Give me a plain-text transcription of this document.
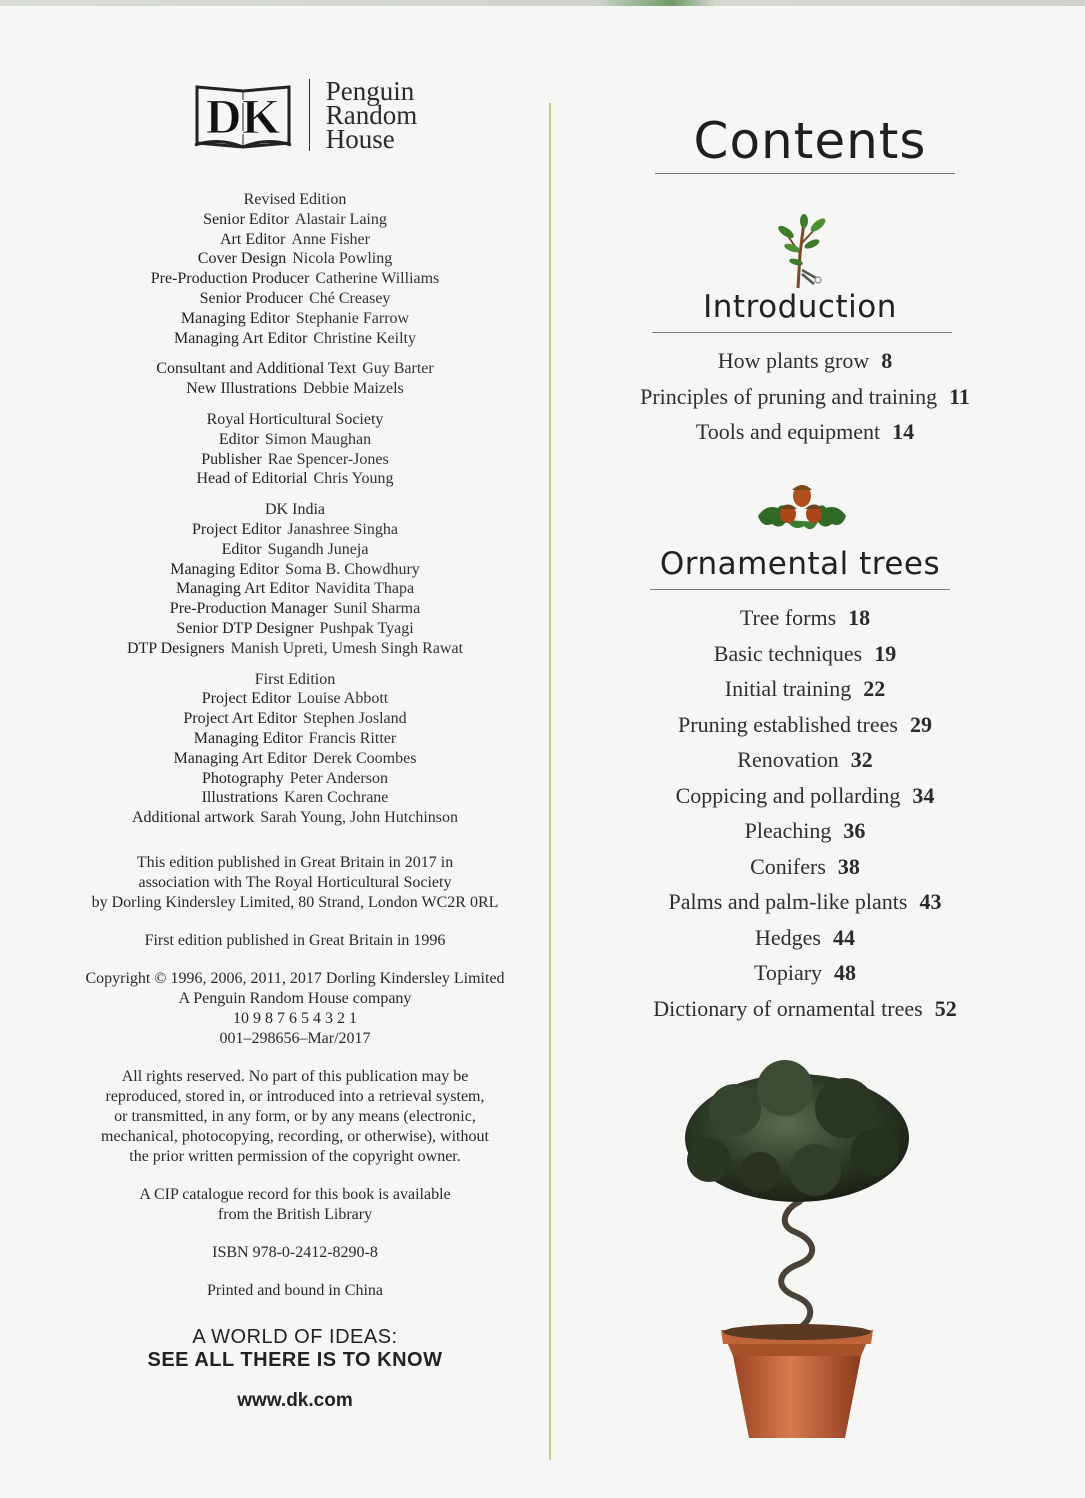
DK Penguin
Random
House
Revised Edition
Senior Editor Alastair Laing
Art Editor Anne Fisher
Cover Design Nicola Powling
Pre-Production Producer Catherine Williams
Senior Producer Ché Creasey
Managing Editor Stephanie Farrow
Managing Art Editor Christine Keilty
Consultant and Additional Text Guy Barter
New Illustrations Debbie Maizels
Royal Horticultural Society
Editor Simon Maughan
Publisher Rae Spencer-Jones
Head of Editorial Chris Young
DK India
Project Editor Janashree Singha
Editor Sugandh Juneja
Managing Editor Soma B. Chowdhury
Managing Art Editor Navidita Thapa
Pre-Production Manager Sunil Sharma
Senior DTP Designer Pushpak Tyagi
DTP Designers Manish Upreti, Umesh Singh Rawat
First Edition
Project Editor Louise Abbott
Project Art Editor Stephen Josland
Managing Editor Francis Ritter
Managing Art Editor Derek Coombes
Photography Peter Anderson
Illustrations Karen Cochrane
Additional artwork Sarah Young, John Hutchinson
This edition published in Great Britain in 2017 in
association with The Royal Horticultural Society
by Dorling Kindersley Limited, 80 Strand, London WC2R 0RL
First edition published in Great Britain in 1996
Copyright © 1996, 2006, 2011, 2017 Dorling Kindersley Limited
A Penguin Random House company
10 9 8 7 6 5 4 3 2 1
001–298656–Mar/2017
All rights reserved. No part of this publication may be
reproduced, stored in, or introduced into a retrieval system,
or transmitted, in any form, or by any means (electronic,
mechanical, photocopying, recording, or otherwise), without
the prior written permission of the copyright owner.
A CIP catalogue record for this book is available
from the British Library
ISBN 978-0-2412-8290-8
Printed and bound in China
A WORLD OF IDEAS:
SEE ALL THERE IS TO KNOW
www.dk.com
Contents
Introduction
How plants grow 8
Principles of pruning and training 11
Tools and equipment 14
Ornamental trees
Tree forms 18
Basic techniques 19
Initial training 22
Pruning established trees 29
Renovation 32
Coppicing and pollarding 34
Pleaching 36
Conifers 38
Palms and palm-like plants 43
Hedges 44
Topiary 48
Dictionary of ornamental trees 52
